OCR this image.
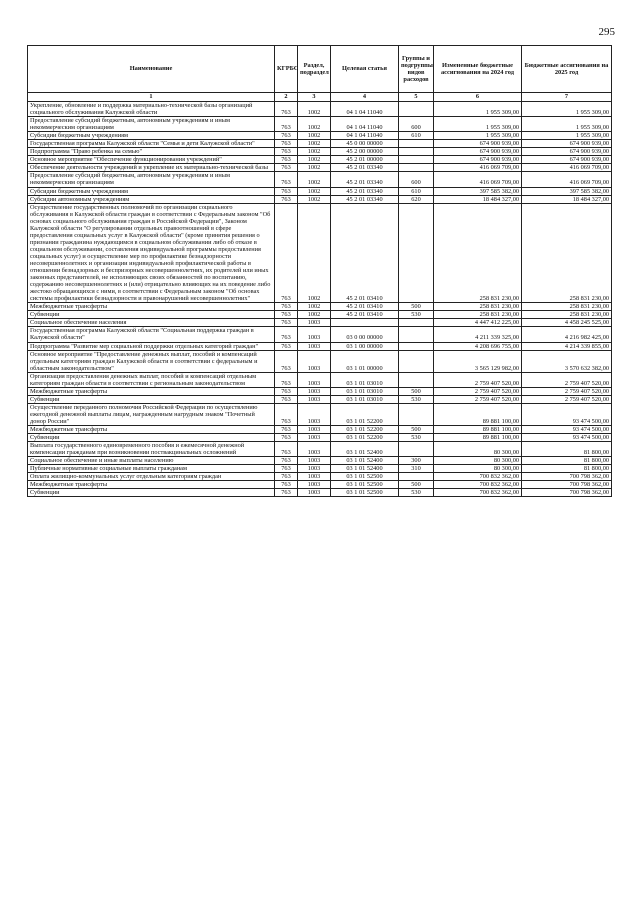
295
Наименование	КГРБС	Раздел, подраздел	Целевая статья	Группы и подгруппы видов расходов	Измененные бюджетные ассигнования на 2024 год	Бюджетные ассигнования на 2025 год
1	2	3	4	5	6	7
Укрепление, обновление и поддержка материально-технической базы организаций социального обслуживания Калужской области	763	1002	04 1 04 11040		1 955 309,00	1 955 309,00
Предоставление субсидий бюджетным, автономным учреждениям и иным некоммерческим организациям	763	1002	04 1 04 11040	600	1 955 309,00	1 955 309,00
Субсидии бюджетным учреждениям	763	1002	04 1 04 11040	610	1 955 309,00	1 955 309,00
Государственная программа Калужской области "Семья и дети Калужской области"	763	1002	45 0 00 00000		674 900 939,00	674 900 939,00
Подпрограмма "Право ребенка на семью"	763	1002	45 2 00 00000		674 900 939,00	674 900 939,00
Основное мероприятие "Обеспечение функционирования учреждений"	763	1002	45 2 01 00000		674 900 939,00	674 900 939,00
Обеспечение деятельности учреждений и укрепление их материально-технической базы	763	1002	45 2 01 03340		416 069 709,00	416 069 709,00
Предоставление субсидий бюджетным, автономным учреждениям и иным некоммерческим организациям	763	1002	45 2 01 03340	600	416 069 709,00	416 069 709,00
Субсидии бюджетным учреждениям	763	1002	45 2 01 03340	610	397 585 382,00	397 585 382,00
Субсидии автономным учреждениям	763	1002	45 2 01 03340	620	18 484 327,00	18 484 327,00
Осуществление государственных полномочий по организации социального обслуживания в Калужской области граждан в соответствии с Федеральным законом "Об основах социального обслуживания граждан в Российской Федерации", Законом Калужской области "О регулировании отдельных правоотношений в сфере предоставления социальных услуг в Калужской области" (кроме принятия решения о признании гражданина нуждающимся в социальном обслуживании либо об отказе в социальном обслуживании, составления индивидуальной программы предоставления социальных услуг) и осуществление мер по профилактике безнадзорности несовершеннолетних и организации индивидуальной профилактической работы в отношении безнадзорных и беспризорных несовершеннолетних, их родителей или иных законных представителей, не исполняющих своих обязанностей по воспитанию, содержанию несовершеннолетних и (или) отрицательно влияющих на их поведение либо жестоко обращающихся с ними, в соответствии с Федеральным законом "Об основах системы профилактики безнадзорности и правонарушений несовершеннолетних"	763	1002	45 2 01 03410		258 831 230,00	258 831 230,00
Межбюджетные трансферты	763	1002	45 2 01 03410	500	258 831 230,00	258 831 230,00
Субвенции	763	1002	45 2 01 03410	530	258 831 230,00	258 831 230,00
Социальное обеспечение населения	763	1003			4 447 412 225,00	4 458 245 525,00
Государственная программа Калужской области "Социальная поддержка граждан в Калужской области"	763	1003	03 0 00 00000		4 211 339 325,00	4 216 982 425,00
Подпрограмма "Развитие мер социальной поддержки отдельных категорий граждан"	763	1003	03 1 00 00000		4 208 696 755,00	4 214 339 855,00
Основное мероприятие "Предоставление денежных выплат, пособий и компенсаций отдельным категориям граждан Калужской области в соответствии с федеральным и областным законодательством"	763	1003	03 1 01 00000		3 565 129 982,00	3 570 632 382,00
Организация предоставления денежных выплат, пособий и компенсаций отдельным категориям граждан области в соответствии с региональным законодательством	763	1003	03 1 01 03010		2 759 407 520,00	2 759 407 520,00
Межбюджетные трансферты	763	1003	03 1 01 03010	500	2 759 407 520,00	2 759 407 520,00
Субвенции	763	1003	03 1 01 03010	530	2 759 407 520,00	2 759 407 520,00
Осуществление переданного полномочия Российской Федерации по осуществлению ежегодной денежной выплаты лицам, награжденным нагрудным знаком "Почетный донор России"	763	1003	03 1 01 52200		89 881 100,00	93 474 500,00
Межбюджетные трансферты	763	1003	03 1 01 52200	500	89 881 100,00	93 474 500,00
Субвенции	763	1003	03 1 01 52200	530	89 881 100,00	93 474 500,00
Выплата государственного единовременного пособия и ежемесячной денежной компенсации гражданам при возникновении поствакцинальных осложнений	763	1003	03 1 01 52400		80 300,00	81 800,00
Социальное обеспечение и иные выплаты населению	763	1003	03 1 01 52400	300	80 300,00	81 800,00
Публичные нормативные социальные выплаты гражданам	763	1003	03 1 01 52400	310	80 300,00	81 800,00
Оплата жилищно-коммунальных услуг отдельным категориям граждан	763	1003	03 1 01 52500		700 832 362,00	700 798 362,00
Межбюджетные трансферты	763	1003	03 1 01 52500	500	700 832 362,00	700 798 362,00
Субвенции	763	1003	03 1 01 52500	530	700 832 362,00	700 798 362,00
